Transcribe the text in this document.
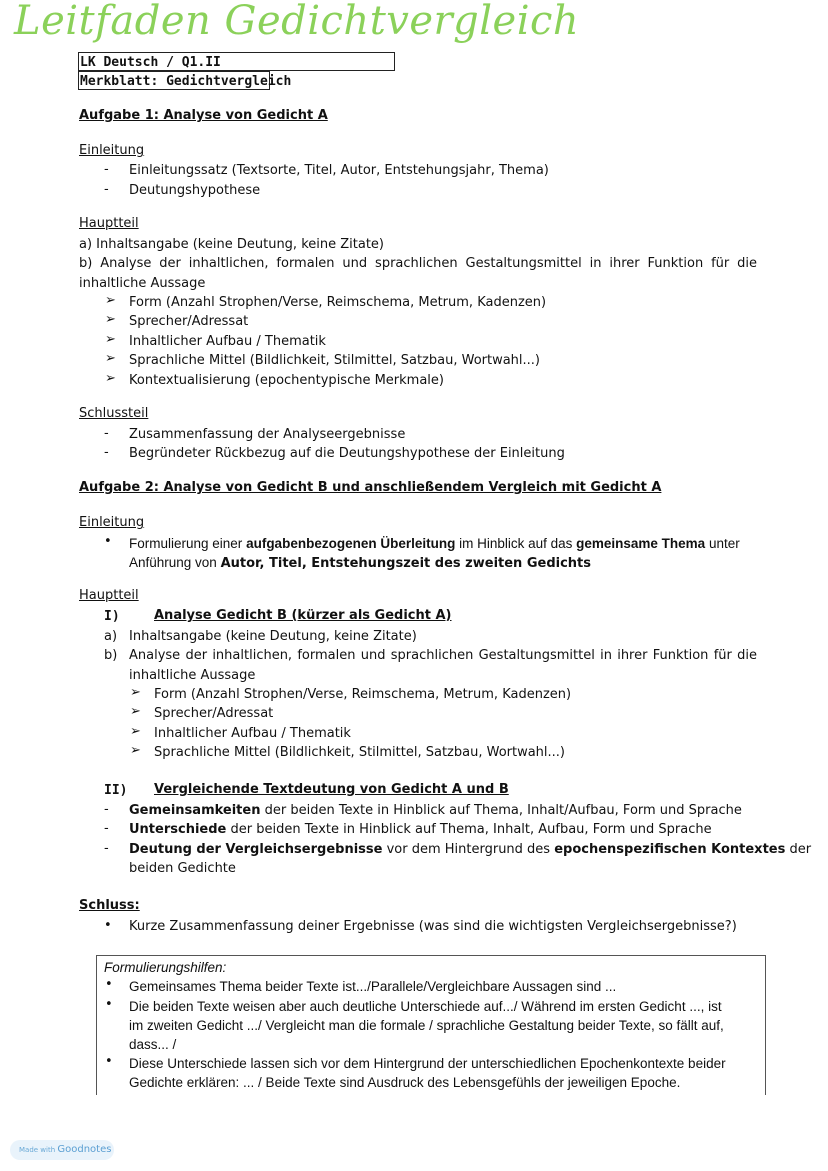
Leitfaden Gedichtvergleich
LK Deutsch / Q1.II
Merkblatt: Gedichtvergleich
Aufgabe 1: Analyse von Gedicht A
Einleitung
- Einleitungssatz (Textsorte, Titel, Autor, Entstehungsjahr, Thema)
- Deutungshypothese
Hauptteil
a) Inhaltsangabe (keine Deutung, keine Zitate)
b) Analyse der inhaltlichen, formalen und sprachlichen Gestaltungsmittel in ihrer Funktion für die
inhaltliche Aussage
➢ Form (Anzahl Strophen/Verse, Reimschema, Metrum, Kadenzen)
➢ Sprecher/Adressat
➢ Inhaltlicher Aufbau / Thematik
➢ Sprachliche Mittel (Bildlichkeit, Stilmittel, Satzbau, Wortwahl...)
➢ Kontextualisierung (epochentypische Merkmale)
Schlussteil
- Zusammenfassung der Analyseergebnisse
- Begründeter Rückbezug auf die Deutungshypothese der Einleitung
Aufgabe 2: Analyse von Gedicht B und anschließendem Vergleich mit Gedicht A
Einleitung
• Formulierung einer aufgabenbezogenen Überleitung im Hinblick auf das gemeinsame Thema unter
Anführung von Autor, Titel, Entstehungszeit des zweiten Gedichts
Hauptteil
I)	Analyse Gedicht B (kürzer als Gedicht A)
a) Inhaltsangabe (keine Deutung, keine Zitate)
b) Analyse der inhaltlichen, formalen und sprachlichen Gestaltungsmittel in ihrer Funktion für die
inhaltliche Aussage
➢ Form (Anzahl Strophen/Verse, Reimschema, Metrum, Kadenzen)
➢ Sprecher/Adressat
➢ Inhaltlicher Aufbau / Thematik
➢ Sprachliche Mittel (Bildlichkeit, Stilmittel, Satzbau, Wortwahl...)
II) Vergleichende Textdeutung von Gedicht A und B
- Gemeinsamkeiten der beiden Texte in Hinblick auf Thema, Inhalt/Aufbau, Form und Sprache
- Unterschiede der beiden Texte in Hinblick auf Thema, Inhalt, Aufbau, Form und Sprache
- Deutung der Vergleichsergebnisse vor dem Hintergrund des epochenspezifischen Kontextes der
beiden Gedichte
Schluss:
• Kurze Zusammenfassung deiner Ergebnisse (was sind die wichtigsten Vergleichsergebnisse?)
Formulierungshilfen:
• Gemeinsames Thema beider Texte ist.../Parallele/Vergleichbare Aussagen sind ...
• Die beiden Texte weisen aber auch deutliche Unterschiede auf.../ Während im ersten Gedicht ..., ist
im zweiten Gedicht .../ Vergleicht man die formale / sprachliche Gestaltung beider Texte, so fällt auf,
dass... /
• Diese Unterschiede lassen sich vor dem Hintergrund der unterschiedlichen Epochenkontexte beider
Gedichte erklären: ... / Beide Texte sind Ausdruck des Lebensgefühls der jeweiligen Epoche.
Made with Goodnotes
